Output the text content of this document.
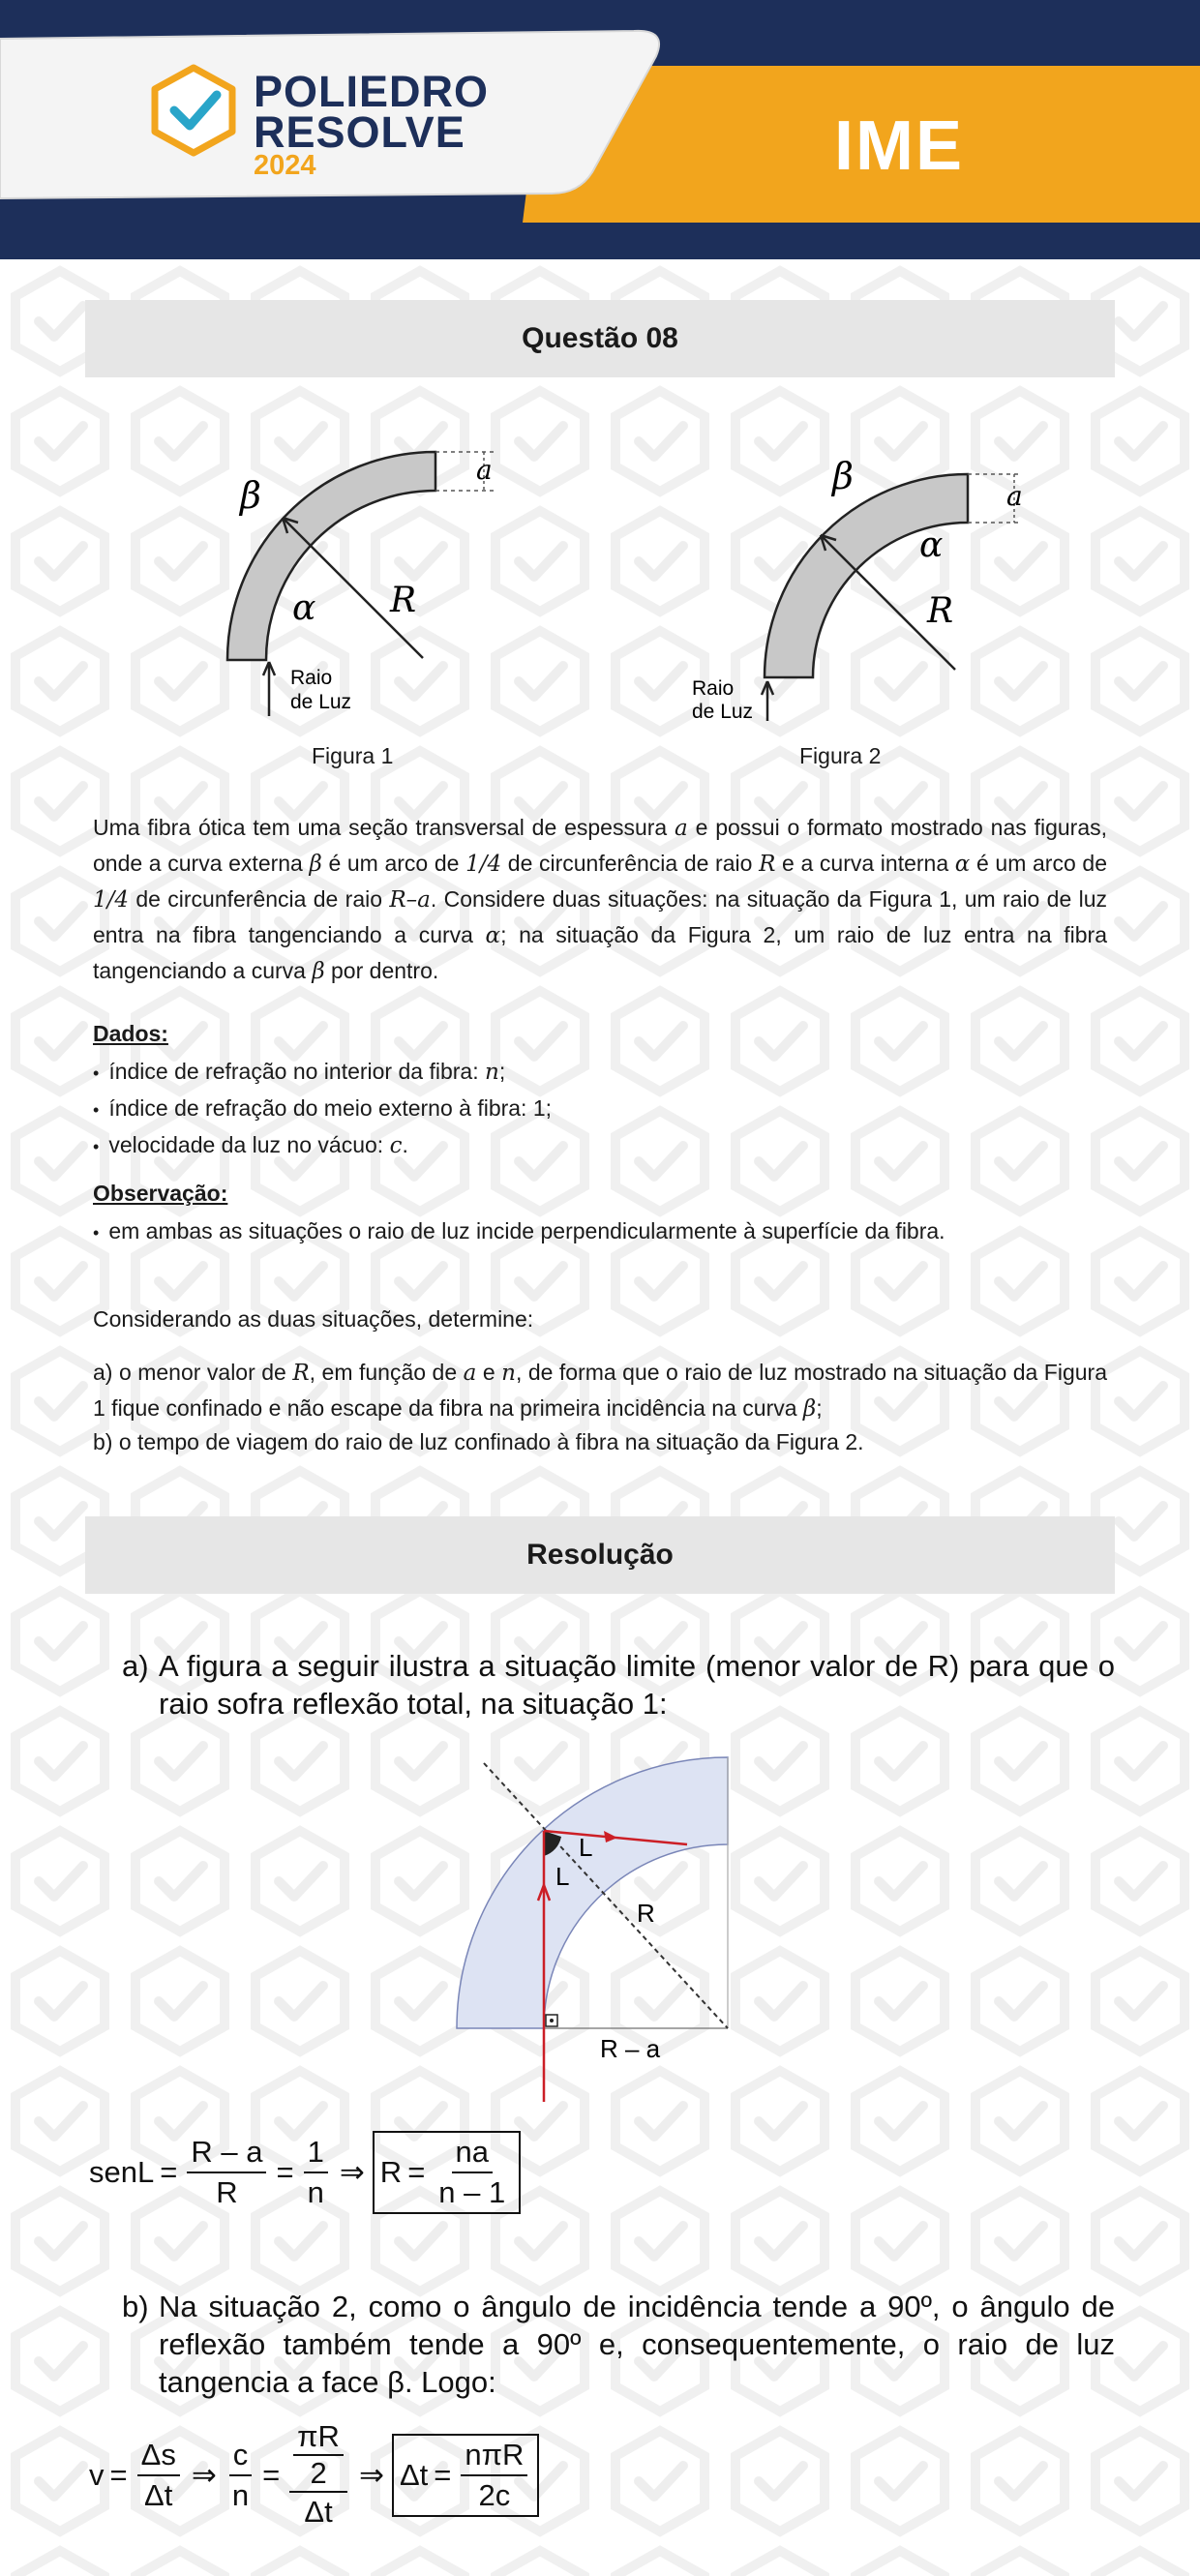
POLIEDRO
RESOLVE
2024	IME
Questão 08
β
α R
a
Raio
de Luz
Figura 1
β
α
R
a
Raio
de Luz
Figura 2
Uma fibra ótica tem uma seção transversal de espessura a e possui o formato mostrado nas figuras, onde a curva externa β é um arco de 1/4 de circunferência de raio R e a curva interna α é um arco de 1/4 de circunferência de raio R–a. Considere duas situações: na situação da Figura 1, um raio de luz entra na fibra tangenciando a curva α; na situação da Figura 2, um raio de luz entra na fibra tangenciando a curva β por dentro.
Dados:
• índice de refração no interior da fibra: n;
• índice de refração do meio externo à fibra: 1;
• velocidade da luz no vácuo: c.
Observação:
• em ambas as situações o raio de luz incide perpendicularmente à superfície da fibra.
Considerando as duas situações, determine:
a) o menor valor de R, em função de a e n, de forma que o raio de luz mostrado na situação da Figura 1 fique confinado e não escape da fibra na primeira incidência na curva β;
b) o tempo de viagem do raio de luz confinado à fibra na situação da Figura 2.
Resolução
a) A figura a seguir ilustra a situação limite (menor valor de R) para que o raio sofra reflexão total, na situação 1:
L
L
R
R – a
senL = $\frac{R - a}{R} = \frac{1}{n}$ ⇒ $R = \frac{na}{n - 1}$
b) Na situação 2, como o ângulo de incidência tende a 90º, o ângulo de reflexão também tende a 90º e, consequentemente, o raio de luz tangencia a face β. Logo:
$v = \frac{\Delta s}{\Delta t}$ ⇒ $\frac{c}{n} = \frac{\frac{\pi R}{2}}{\Delta t}$ ⇒ $\Delta t = \frac{\text{nπR}}{2c}$
